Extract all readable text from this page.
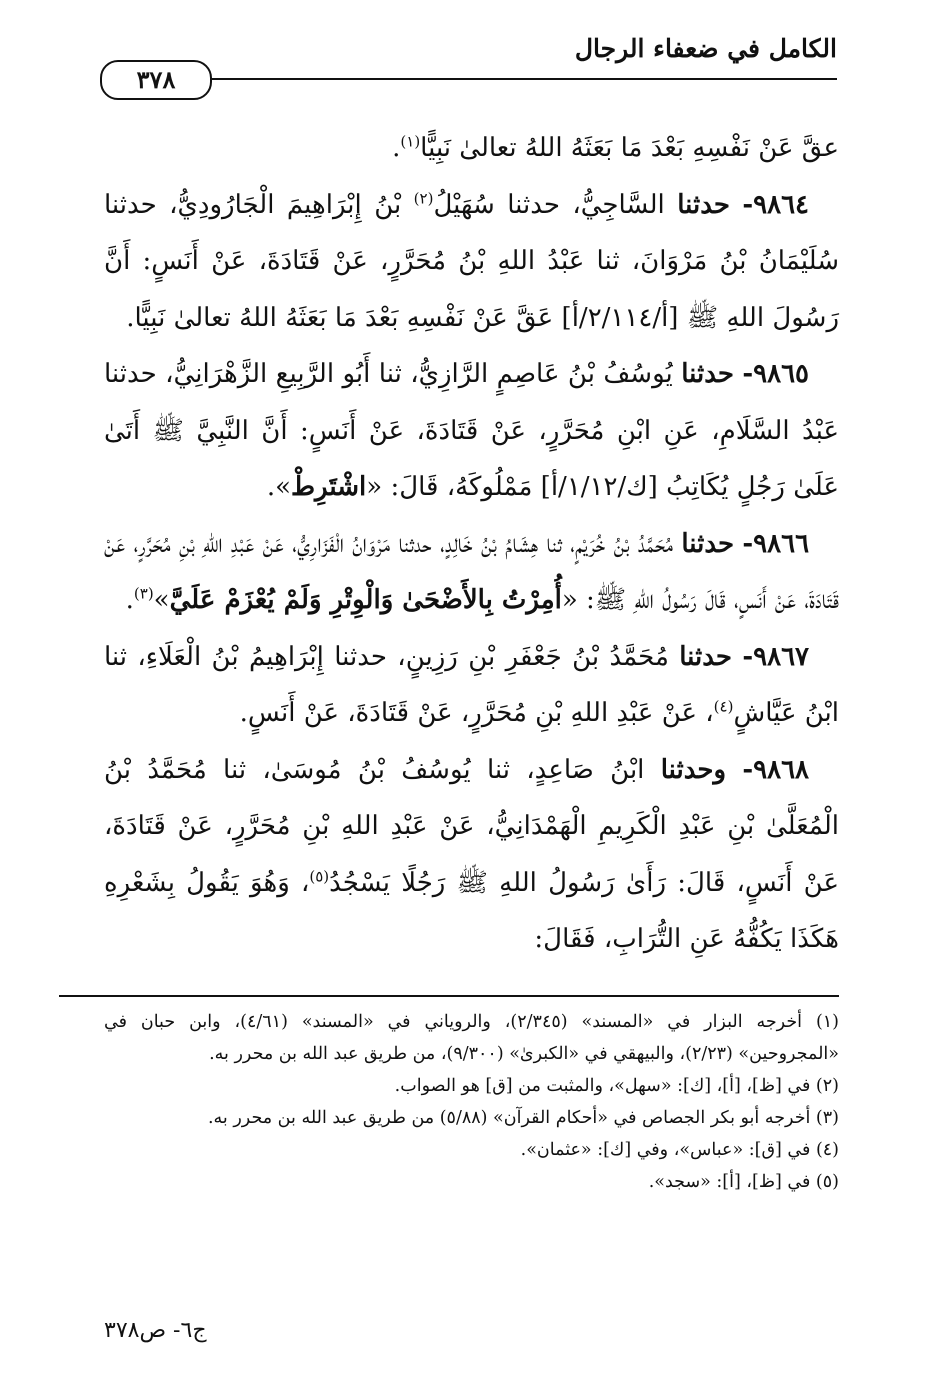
الكامل في ضعفاء الرجال
٣٧٨

عقَّ عَنْ نَفْسِهِ بَعْدَ مَا بَعَثَهُ اللهُ تعالىٰ نَبِيًّا$^{(١)}$.

٩٨٦٤- حدثنا السَّاجِيُّ، حدثنا سُهَيْلُ$^{(٢)}$ بْنُ إِبْرَاهِيمَ الْجَارُودِيُّ، حدثنا سُلَيْمَانُ بْنُ مَرْوَانَ، ثنا عَبْدُ اللهِ بْنُ مُحَرَّرٍ، عَنْ قَتَادَةَ، عَنْ أَنَسٍ: أَنَّ رَسُولَ اللهِ ﷺ [أ/٢/١١٤/أ] عَقَّ عَنْ نَفْسِهِ بَعْدَ مَا بَعَثَهُ اللهُ تعالىٰ نَبِيًّا.

٩٨٦٥- حدثنا يُوسُفُ بْنُ عَاصِمٍ الرَّازِيُّ، ثنا أَبُو الرَّبِيعِ الزَّهْرَانِيُّ، حدثنا عَبْدُ السَّلَامِ، عَنِ ابْنِ مُحَرَّرٍ، عَنْ قَتَادَةَ، عَنْ أَنَسٍ: أَنَّ النَّبِيَّ ﷺ أَتَىٰ عَلَىٰ رَجُلٍ يُكَاتِبُ [ك/١/١٢/أ] مَمْلُوكَهُ، قَالَ: «اشْتَرِطْ».

٩٨٦٦- حدثنا مُحَمَّدُ بْنُ خُرَيْمٍ، ثنا هِشَامُ بْنُ خَالِدٍ، حدثنا مَرْوَانُ الْفَزَارِيُّ، عَنْ عَبْدِ اللهِ بْنِ مُحَرَّرٍ، عَنْ قَتَادَةَ، عَنْ أَنَسٍ، قَالَ رَسُولُ اللهِ ﷺ: «أُمِرْتُ بِالأَضْحَىٰ وَالْوِتْرِ وَلَمْ يُعْزَمْ عَلَيَّ»$^{(٣)}$.

٩٨٦٧- حدثنا مُحَمَّدُ بْنُ جَعْفَرِ بْنِ رَزِينٍ، حدثنا إِبْرَاهِيمُ بْنُ الْعَلَاءِ، ثنا ابْنُ عَيَّاشٍ$^{(٤)}$، عَنْ عَبْدِ اللهِ بْنِ مُحَرَّرٍ، عَنْ قَتَادَةَ، عَنْ أَنَسٍ.

٩٨٦٨- وحدثنا ابْنُ صَاعِدٍ، ثنا يُوسُفُ بْنُ مُوسَىٰ، ثنا مُحَمَّدُ بْنُ الْمُعَلَّىٰ بْنِ عَبْدِ الْكَرِيمِ الْهَمْدَانِيُّ، عَنْ عَبْدِ اللهِ بْنِ مُحَرَّرٍ، عَنْ قَتَادَةَ، عَنْ أَنَسٍ، قَالَ: رَأَىٰ رَسُولُ اللهِ ﷺ رَجُلًا يَسْجُدُ$^{(٥)}$، وَهُوَ يَقُولُ بِشَعْرِهِ هَكَذَا يَكُفُّهُ عَنِ التُّرَابِ، فَقَالَ:

(١) أخرجه البزار في «المسند» (٢/٣٤٥)، والروياني في «المسند» (٤/٦١)، وابن حبان في «المجروحين» (٢/٢٣)، والبيهقي في «الكبرىٰ» (٩/٣٠٠)، من طريق عبد الله بن محرر به.

(٢) في [ظ]، [أ]، [ك]: «سهل»، والمثبت من [ق] هو الصواب.

(٣) أخرجه أبو بكر الجصاص في «أحكام القرآن» (٥/٨٨) من طريق عبد الله بن محرر به.

(٤) في [ق]: «عباس»، وفي [ك]: «عثمان».

(٥) في [ظ]، [أ]: «سجد».

ج٦- ص٣٧٨
